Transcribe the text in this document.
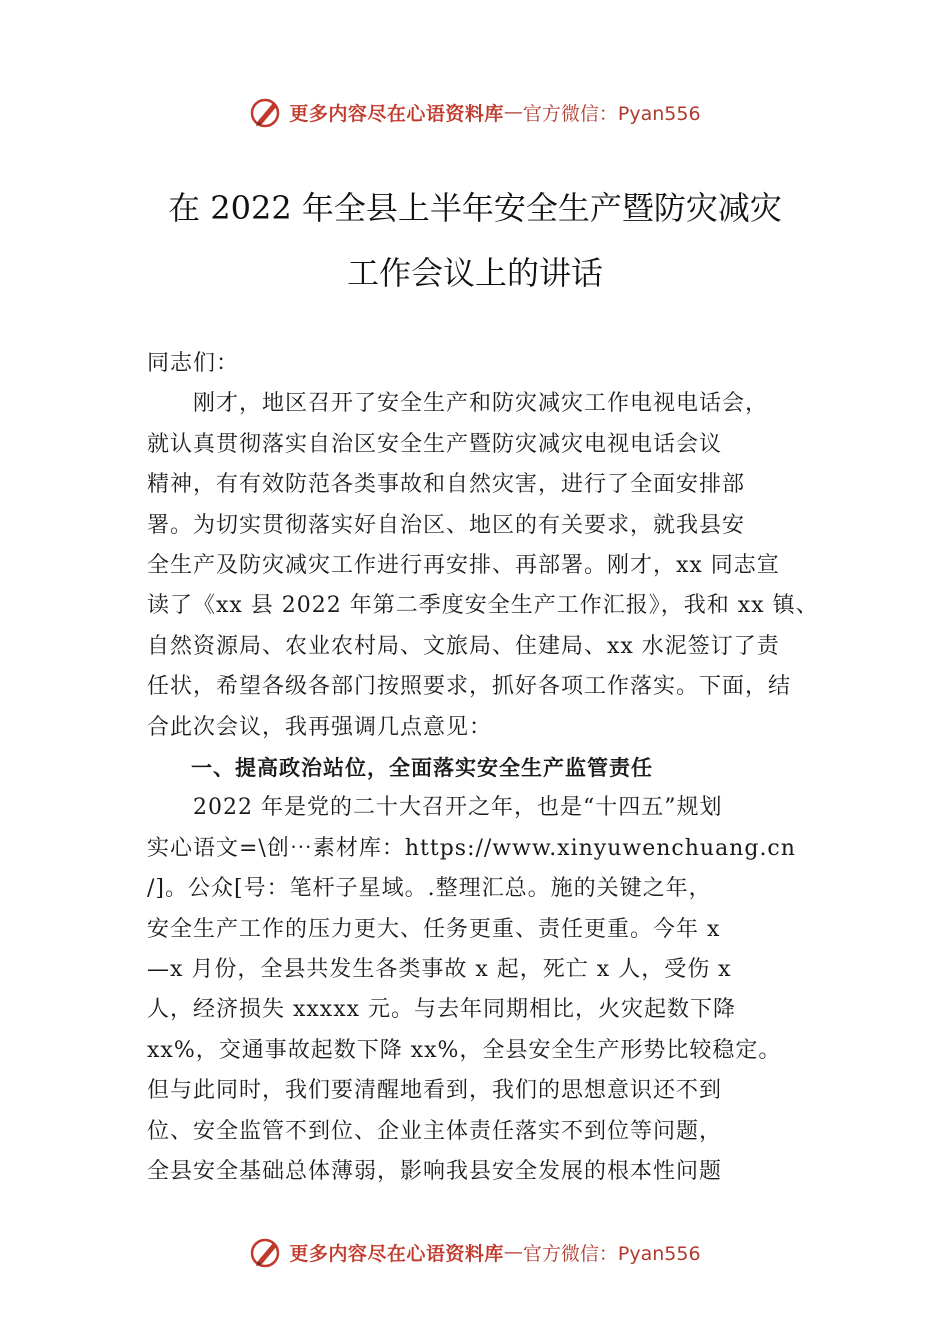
更多内容尽在心语资料库 — 官方微信：Pyan556
在 2022 年全县上半年安全生产暨防灾减灾
工作会议上的讲话
同志们：
　　刚才，地区召开了安全生产和防灾减灾工作电视电话会，
就认真贯彻落实自治区安全生产暨防灾减灾电视电话会议
精神，有有效防范各类事故和自然灾害，进行了全面安排部
署。为切实贯彻落实好自治区、地区的有关要求，就我县安
全生产及防灾减灾工作进行再安排、再部署。刚才，xx 同志宣
读了《xx 县 2022 年第二季度安全生产工作汇报》，我和 xx 镇、
自然资源局、农业农村局、文旅局、住建局、xx 水泥签订了责
任状，希望各级各部门按照要求，抓好各项工作落实。下面，结
合此次会议，我再强调几点意见：
　　一、提高政治站位，全面落实安全生产监管责任
　　2022 年是党的二十大召开之年，也是“十四五”规划
实心语文=\创⋯素材库：https://www.xinyuwenchuang.cn
/]。公众[号：笔杆子星域。.整理汇总。施的关键之年，
安全生产工作的压力更大、任务更重、责任更重。今年 x
—x 月份，全县共发生各类事故 x 起，死亡 x 人，受伤 x
人，经济损失 xxxxx 元。与去年同期相比，火灾起数下降
xx%，交通事故起数下降 xx%，全县安全生产形势比较稳定。
但与此同时，我们要清醒地看到，我们的思想意识还不到
位、安全监管不到位、企业主体责任落实不到位等问题，
全县安全基础总体薄弱，影响我县安全发展的根本性问题
更多内容尽在心语资料库 — 官方微信：Pyan556
